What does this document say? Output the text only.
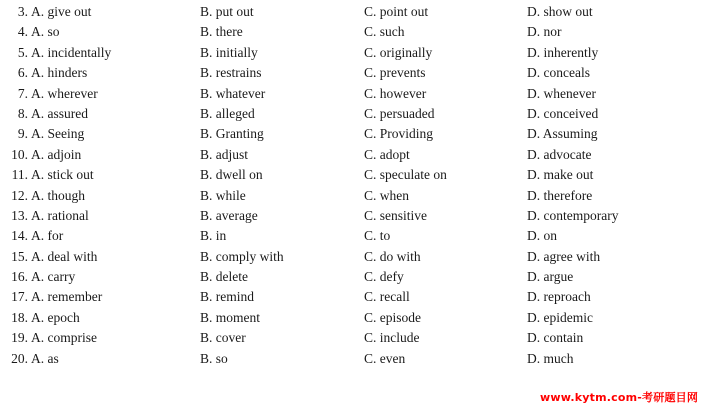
3. A. give out	B. put out	C. point out	D. show out
4. A. so	B. there	C. such	D. nor
5. A. incidentally	B. initially	C. originally	D. inherently
6. A. hinders	B. restrains	C. prevents	D. conceals
7. A. wherever	B. whatever	C. however	D. whenever
8. A. assured	B. alleged	C. persuaded	D. conceived
9. A. Seeing	B. Granting	C. Providing	D. Assuming
10. A. adjoin	B. adjust	C. adopt	D. advocate
11. A. stick out	B. dwell on	C. speculate on	D. make out
12. A. though	B. while	C. when	D. therefore
13. A. rational	B. average	C. sensitive	D. contemporary
14. A. for	B. in	C. to	D. on
15. A. deal with	B. comply with	C. do with	D. agree with
16. A. carry	B. delete	C. defy	D. argue
17. A. remember	B. remind	C. recall	D. reproach
18. A. epoch	B. moment	C. episode	D. epidemic
19. A. comprise	B. cover	C. include	D. contain
20. A. as	B. so	C. even	D. much
www.kytm.com-考研题目网
